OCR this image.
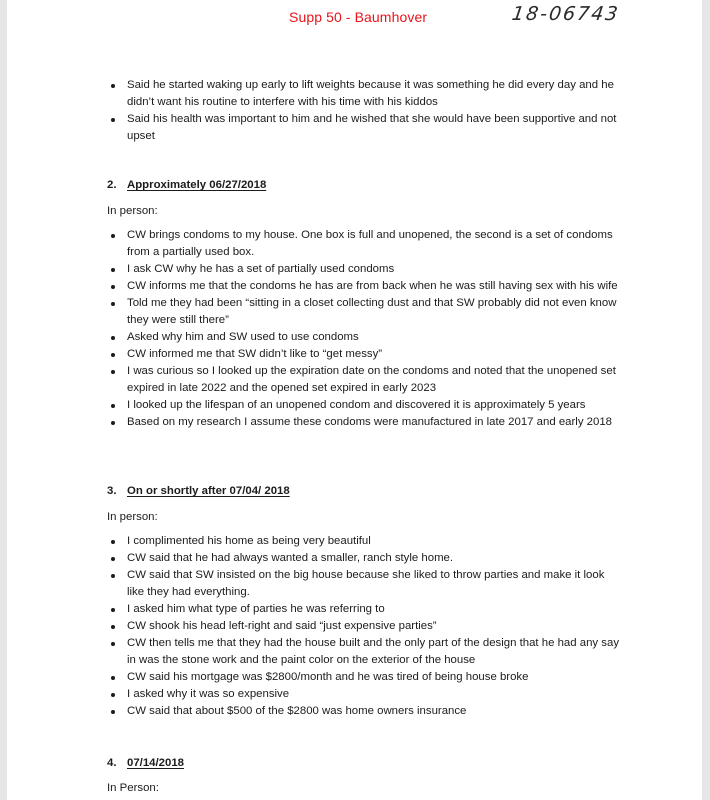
Supp 50 - Baumhover	18-06743
Said he started waking up early to lift weights because it was something he did every day and he didn’t want his routine to interfere with his time with his kiddos
Said his health was important to him and he wished that she would have been supportive and not upset
2. Approximately 06/27/2018
In person:
CW brings condoms to my house. One box is full and unopened, the second is a set of condoms from a partially used box.
I ask CW why he has a set of partially used condoms
CW informs me that the condoms he has are from back when he was still having sex with his wife
Told me they had been “sitting in a closet collecting dust and that SW probably did not even know they were still there”
Asked why him and SW used to use condoms
CW informed me that SW didn’t like to “get messy”
I was curious so I looked up the expiration date on the condoms and noted that the unopened set expired in late 2022 and the opened set expired in early 2023
I looked up the lifespan of an unopened condom and discovered it is approximately 5 years
Based on my research I assume these condoms were manufactured in late 2017 and early 2018
3. On or shortly after 07/04/ 2018
In person:
I complimented his home as being very beautiful
CW said that he had always wanted a smaller, ranch style home.
CW said that SW insisted on the big house because she liked to throw parties and make it look like they had everything.
I asked him what type of parties he was referring to
CW shook his head left-right and said “just expensive parties”
CW then tells me that they had the house built and the only part of the design that he had any say in was the stone work and the paint color on the exterior of the house
CW said his mortgage was $2800/month and he was tired of being house broke
I asked why it was so expensive
CW said that about $500 of the $2800 was home owners insurance
4. 07/14/2018
In Person:
